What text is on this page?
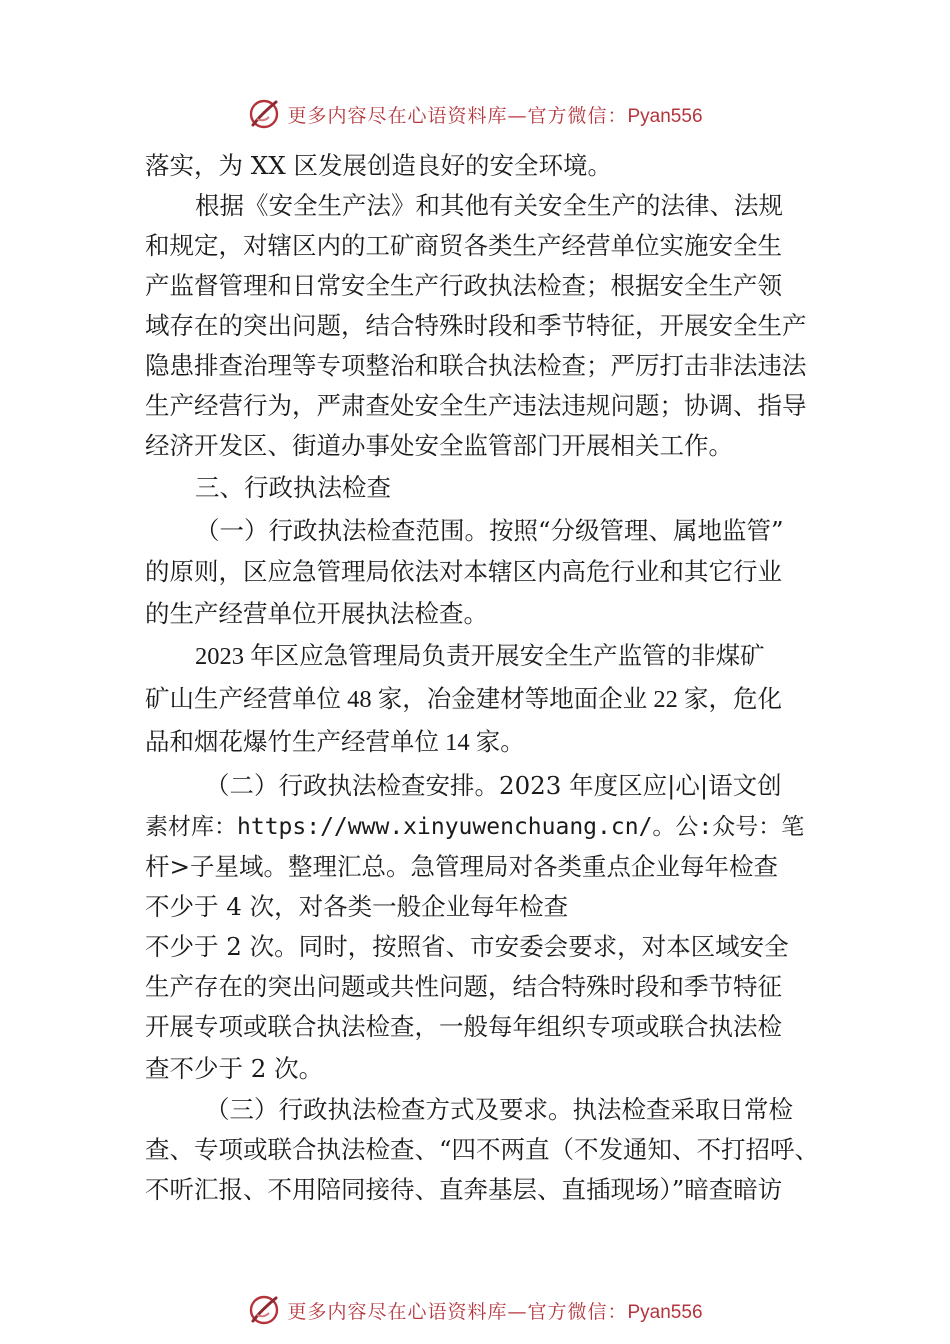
更多内容尽在心语资料库—官方微信：Pyan556

落实，为 XX 区发展创造良好的安全环境。

根据《安全生产法》和其他有关安全生产的法律、法规

和规定，对辖区内的工矿商贸各类生产经营单位实施安全生

产监督管理和日常安全生产行政执法检查；根据安全生产领

域存在的突出问题，结合特殊时段和季节特征，开展安全生产

隐患排查治理等专项整治和联合执法检查；严厉打击非法违法

生产经营行为，严肃查处安全生产违法违规问题；协调、指导

经济开发区、街道办事处安全监管部门开展相关工作。

三、行政执法检查

（一）行政执法检查范围。按照“分级管理、属地监管”

的原则，区应急管理局依法对本辖区内高危行业和其它行业

的生产经营单位开展执法检查。

2023 年区应急管理局负责开展安全生产监管的非煤矿

矿山生产经营单位 48 家，冶金建材等地面企业 22 家，危化

品和烟花爆竹生产经营单位 14 家。

（二）行政执法检查安排。2023 年度区应|心|语文创

素材库：https://www.xinyuwenchuang.cn/。公:众号：笔

杆>子星域。整理汇总。急管理局对各类重点企业每年检查

不少于 4 次，对各类一般企业每年检查

不少于 2 次。同时，按照省、市安委会要求，对本区域安全

生产存在的突出问题或共性问题，结合特殊时段和季节特征

开展专项或联合执法检查，一般每年组织专项或联合执法检

查不少于 2 次。

（三）行政执法检查方式及要求。执法检查采取日常检

查、专项或联合执法检查、“四不两直（不发通知、不打招呼、

不听汇报、不用陪同接待、直奔基层、直插现场）”暗查暗访

更多内容尽在心语资料库—官方微信：Pyan556
